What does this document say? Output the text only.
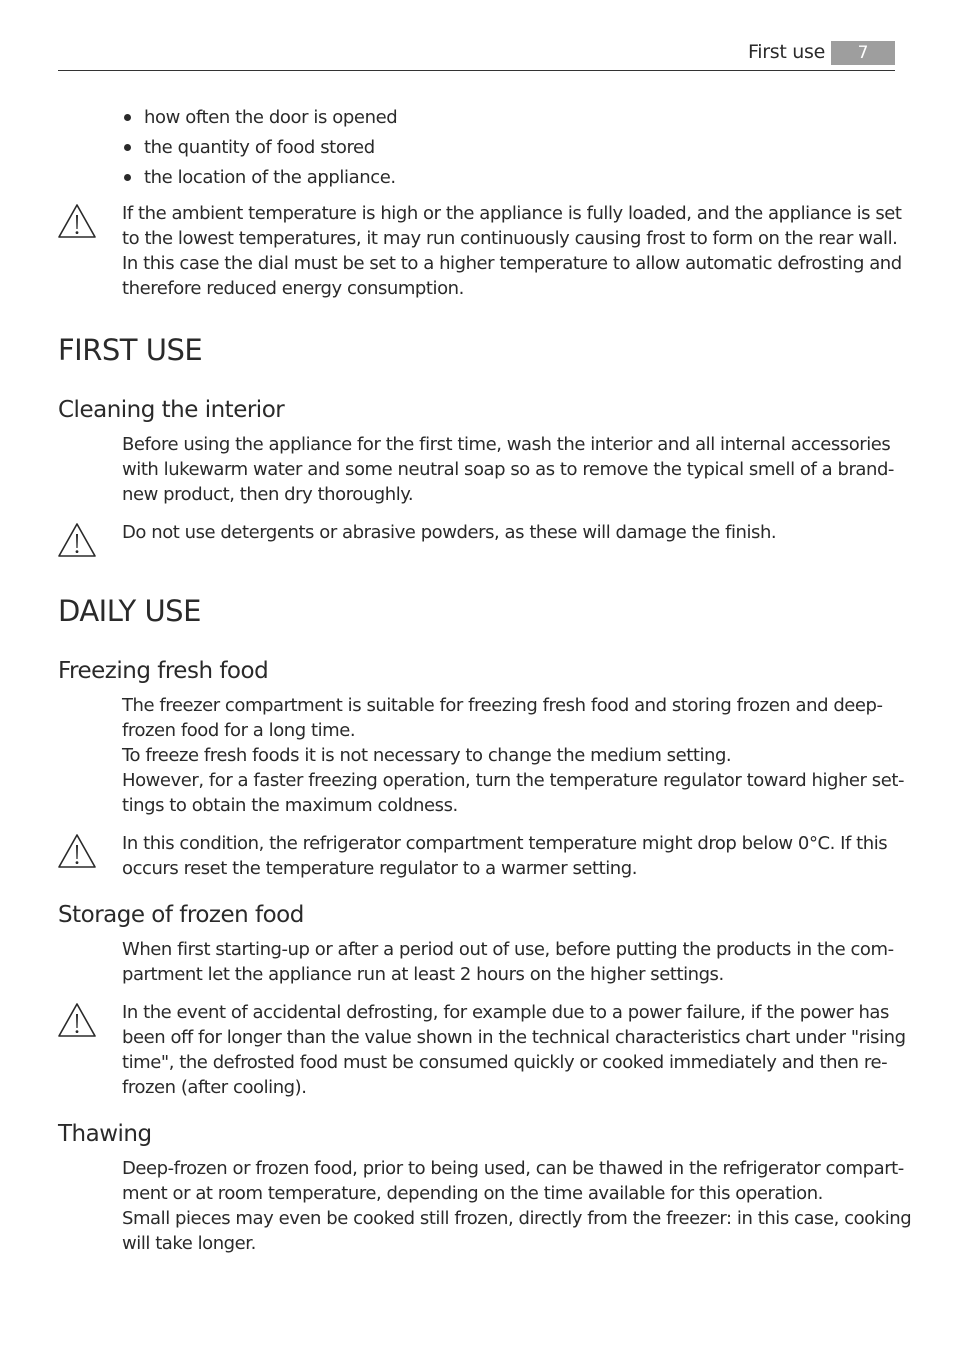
First use	7
how often the door is opened
the quantity of food stored
the location of the appliance.
If the ambient temperature is high or the appliance is fully loaded, and the appliance is set
to the lowest temperatures, it may run continuously causing frost to form on the rear wall.
In this case the dial must be set to a higher temperature to allow automatic defrosting and
therefore reduced energy consumption.
FIRST USE
Cleaning the interior
Before using the appliance for the first time, wash the interior and all internal accessories
with lukewarm water and some neutral soap so as to remove the typical smell of a brand-
new product, then dry thoroughly.
Do not use detergents or abrasive powders, as these will damage the finish.
DAILY USE
Freezing fresh food
The freezer compartment is suitable for freezing fresh food and storing frozen and deep-
frozen food for a long time.
To freeze fresh foods it is not necessary to change the medium setting.
However, for a faster freezing operation, turn the temperature regulator toward higher set-
tings to obtain the maximum coldness.
In this condition, the refrigerator compartment temperature might drop below 0°C. If this
occurs reset the temperature regulator to a warmer setting.
Storage of frozen food
When first starting-up or after a period out of use, before putting the products in the com-
partment let the appliance run at least 2 hours on the higher settings.
In the event of accidental defrosting, for example due to a power failure, if the power has
been off for longer than the value shown in the technical characteristics chart under "rising
time", the defrosted food must be consumed quickly or cooked immediately and then re-
frozen (after cooling).
Thawing
Deep-frozen or frozen food, prior to being used, can be thawed in the refrigerator compart-
ment or at room temperature, depending on the time available for this operation.
Small pieces may even be cooked still frozen, directly from the freezer: in this case, cooking
will take longer.
